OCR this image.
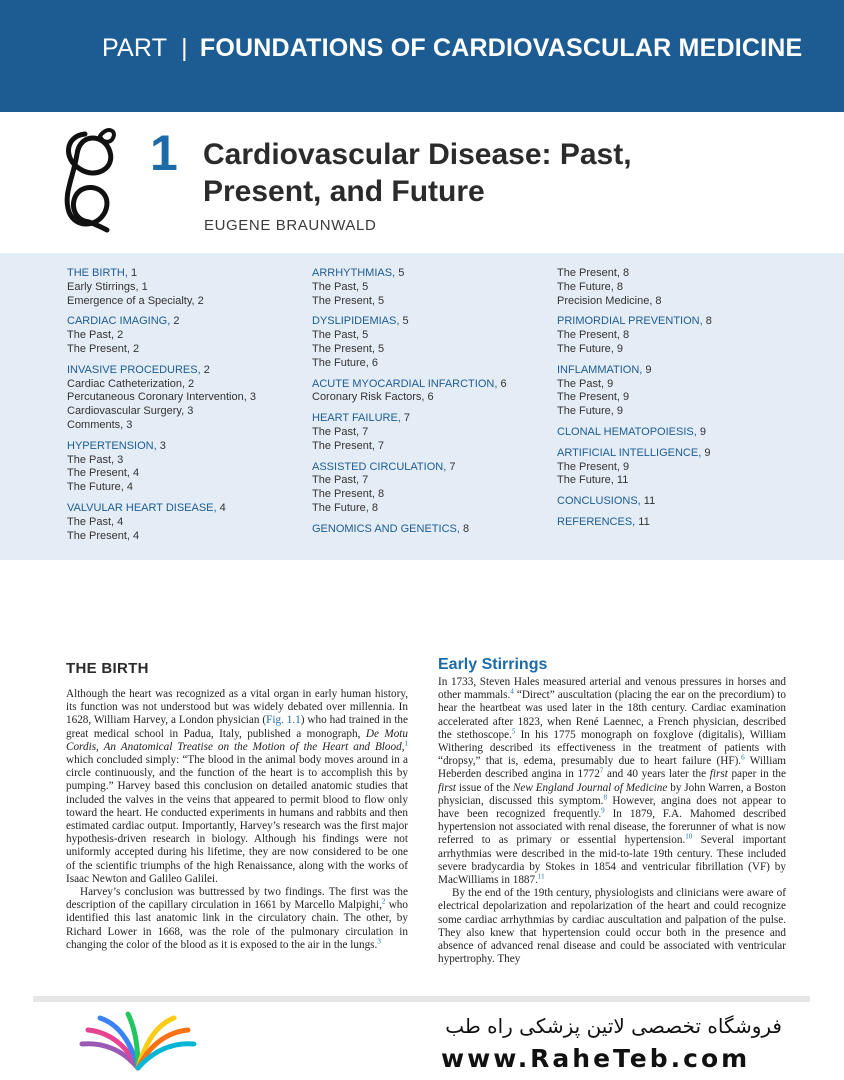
PART | FOUNDATIONS OF CARDIOVASCULAR MEDICINE
1 Cardiovascular Disease: Past,
Present, and Future
EUGENE BRAUNWALD
THE BIRTH, 1
Early Stirrings, 1
Emergence of a Specialty, 2
CARDIAC IMAGING, 2
The Past, 2
The Present, 2
INVASIVE PROCEDURES, 2
Cardiac Catheterization, 2
Percutaneous Coronary Intervention, 3
Cardiovascular Surgery, 3
Comments, 3
HYPERTENSION, 3
The Past, 3
The Present, 4
The Future, 4
VALVULAR HEART DISEASE, 4
The Past, 4
The Present, 4
ARRHYTHMIAS, 5
The Past, 5
The Present, 5
DYSLIPIDEMIAS, 5
The Past, 5
The Present, 5
The Future, 6
ACUTE MYOCARDIAL INFARCTION, 6
Coronary Risk Factors, 6
HEART FAILURE, 7
The Past, 7
The Present, 7
ASSISTED CIRCULATION, 7
The Past, 7
The Present, 8
The Future, 8
GENOMICS AND GENETICS, 8
The Present, 8
The Future, 8
Precision Medicine, 8
PRIMORDIAL PREVENTION, 8
The Present, 8
The Future, 9
INFLAMMATION, 9
The Past, 9
The Present, 9
The Future, 9
CLONAL HEMATOPOIESIS, 9
ARTIFICIAL INTELLIGENCE, 9
The Present, 9
The Future, 11
CONCLUSIONS, 11
REFERENCES, 11
THE BIRTH	Early Stirrings

Although the heart was recognized as a vital organ in early human history, its function was not understood but was widely debated over millennia. In 1628, William Harvey, a London physician (Fig. 1.1) who had trained in the great medical school in Padua, Italy, published a monograph, De Motu Cordis, An Anatomical Treatise on the Motion of the Heart and Blood,$^1$ which concluded simply: “The blood in the animal body moves around in a circle continuously, and the function of the heart is to accomplish this by pumping.” Harvey based this conclusion on detailed anatomic studies that included the valves in the veins that appeared to permit blood to flow only toward the heart. He conducted experiments in humans and rabbits and then estimated cardiac output. Importantly, Harvey’s research was the first major hypothesis-driven research in biology. Although his findings were not uniformly accepted during his lifetime, they are now considered to be one of the scientific triumphs of the high Renaissance, along with the works of Isaac Newton and Galileo Galilei.

Harvey’s conclusion was buttressed by two findings. The first was the description of the capillary circulation in 1661 by Marcello Malpighi,$^2$ who identified this last anatomic link in the circulatory chain. The other, by Richard Lower in 1668, was the role of the pulmonary circulation in changing the color of the blood as it is exposed to the air in the lungs.$^3$

In 1733, Steven Hales measured arterial and venous pressures in horses and other mammals.$^4$ “Direct” auscultation (placing the ear on the precordium) to hear the heartbeat was used later in the 18th century. Cardiac examination accelerated after 1823, when René Laennec, a French physician, described the stethoscope.$^5$ In his 1775 monograph on foxglove (digitalis), William Withering described its effectiveness in the treatment of patients with “dropsy,” that is, edema, presumably due to heart failure (HF).$^6$ William Heberden described angina in 1772$^7$ and 40 years later the first paper in the first issue of the New England Journal of Medicine by John Warren, a Boston physician, discussed this symptom.$^8$ However, angina does not appear to have been recognized frequently.$^9$ In 1879, F.A. Mahomed described hypertension not associated with renal disease, the forerunner of what is now referred to as primary or essential hypertension.$^{10}$ Several important arrhythmias were described in the mid-to-late 19th century. These included severe bradycardia by Stokes in 1854 and ventricular fibrillation (VF) by MacWilliams in 1887.11

By the end of the 19th century, physiologists and clinicians were aware of electrical depolarization and repolarization of the heart and could recognize some cardiac arrhythmias by cardiac auscultation and palpation of the pulse. They also knew that hypertension could occur both in the presence and absence of advanced renal disease and could be associated with ventricular hypertrophy. They

فروشگاه تخصصی لاتین پزشکی راه طب
www.RaheTeb.com
